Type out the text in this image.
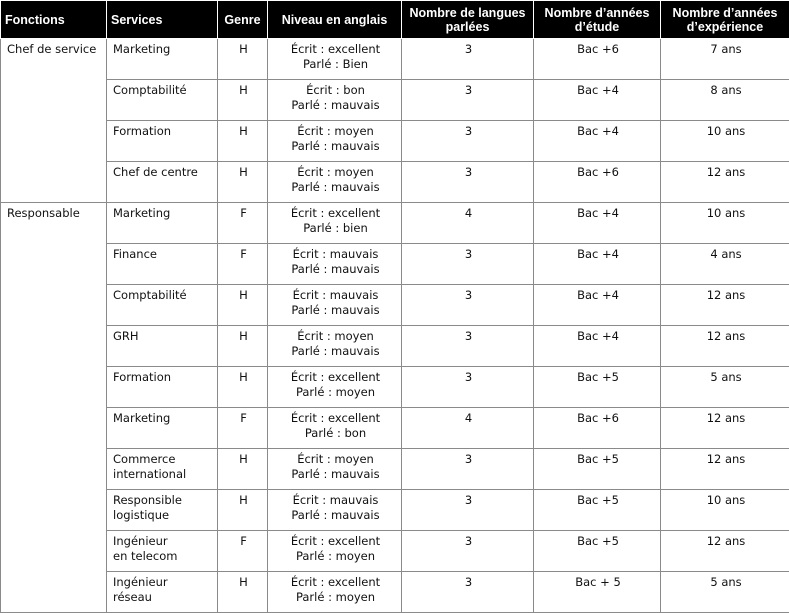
Fonctions	Services	Genre	Niveau en anglais	Nombre de langues parlées	Nombre d’années d’étude	Nombre d’années d’expérience
Chef de service	Marketing	H	Écrit : excellent
Parlé : Bien	3	Bac +6	7 ans
	Comptabilité	H	Écrit : bon
Parlé : mauvais	3	Bac +4	8 ans
	Formation	H	Écrit : moyen
Parlé : mauvais	3	Bac +4	10 ans
	Chef de centre	H	Écrit : moyen
Parlé : mauvais	3	Bac +6	12 ans
Responsable	Marketing	F	Écrit : excellent
Parlé : bien	4	Bac +4	10 ans
	Finance	F	Écrit : mauvais
Parlé : mauvais	3	Bac +4	4 ans
	Comptabilité	H	Écrit : mauvais
Parlé : mauvais	3	Bac +4	12 ans
	GRH	H	Écrit : moyen
Parlé : mauvais	3	Bac +4	12 ans
	Formation	H	Écrit : excellent
Parlé : moyen	3	Bac +5	5 ans
	Marketing	F	Écrit : excellent
Parlé : bon	4	Bac +6	12 ans
	Commerce
international	H	Écrit : moyen
Parlé : mauvais	3	Bac +5	12 ans
	Responsible
logistique	H	Écrit : mauvais
Parlé : mauvais	3	Bac +5	10 ans
	Ingénieur
en telecom	F	Écrit : excellent
Parlé : moyen	3	Bac +5	12 ans
	Ingénieur
réseau	H	Écrit : excellent
Parlé : moyen	3	Bac + 5	5 ans
